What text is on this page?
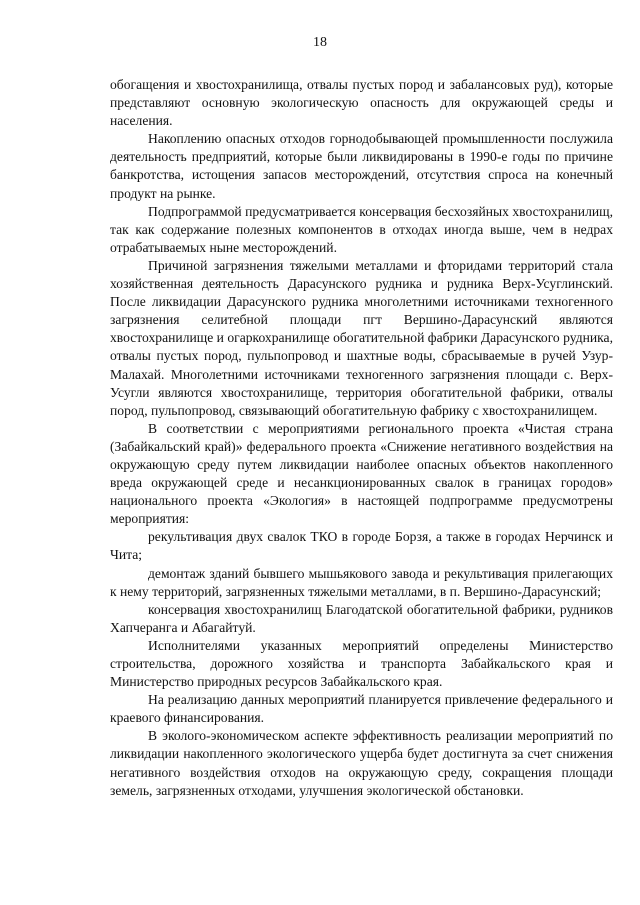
18

обогащения и хвостохранилища, отвалы пустых пород и забалансовых руд), которые представляют основную экологическую опасность для окружающей среды и населения.

Накоплению опасных отходов горнодобывающей промышленности послужила деятельность предприятий, которые были ликвидированы в 1990-е годы по причине банкротства, истощения запасов месторождений, отсутствия спроса на конечный продукт на рынке.

Подпрограммой предусматривается консервация бесхозяйных хвостохранилищ, так как содержание полезных компонентов в отходах иногда выше, чем в недрах отрабатываемых ныне месторождений.

Причиной загрязнения тяжелыми металлами и фторидами территорий стала хозяйственная деятельность Дарасунского рудника и рудника Верх-Усуглинский. После ликвидации Дарасунского рудника многолетними источниками техногенного загрязнения селитебной площади пгт Вершино-Дарасунский являются хвостохранилище и огаркохранилище обогатительной фабрики Дарасунского рудника, отвалы пустых пород, пульпопровод и шахтные воды, сбрасываемые в ручей Узур-Малахай. Многолетними источниками техногенного загрязнения площади с. Верх-Усугли являются хвостохранилище, территория обогатительной фабрики, отвалы пород, пульпопровод, связывающий обогатительную фабрику с хвостохранилищем.

В соответствии с мероприятиями регионального проекта «Чистая страна (Забайкальский край)» федерального проекта «Снижение негативного воздействия на окружающую среду путем ликвидации наиболее опасных объектов накопленного вреда окружающей среде и несанкционированных свалок в границах городов» национального проекта «Экология» в настоящей подпрограмме предусмотрены мероприятия:

рекультивация двух свалок ТКО в городе Борзя, а также в городах Нерчинск и Чита;

демонтаж зданий бывшего мышьякового завода и рекультивация прилегающих к нему территорий, загрязненных тяжелыми металлами, в п. Вершино-Дарасунский;

консервация хвостохранилищ Благодатской обогатительной фабрики, рудников Хапчеранга и Абагайтуй.

Исполнителями указанных мероприятий определены Министерство строительства, дорожного хозяйства и транспорта Забайкальского края и Министерство природных ресурсов Забайкальского края.

На реализацию данных мероприятий планируется привлечение федерального и краевого финансирования.

В эколого-экономическом аспекте эффективность реализации мероприятий по ликвидации накопленного экологического ущерба будет достигнута за счет снижения негативного воздействия отходов на окружающую среду, сокращения площади земель, загрязненных отходами, улучшения экологической обстановки.
